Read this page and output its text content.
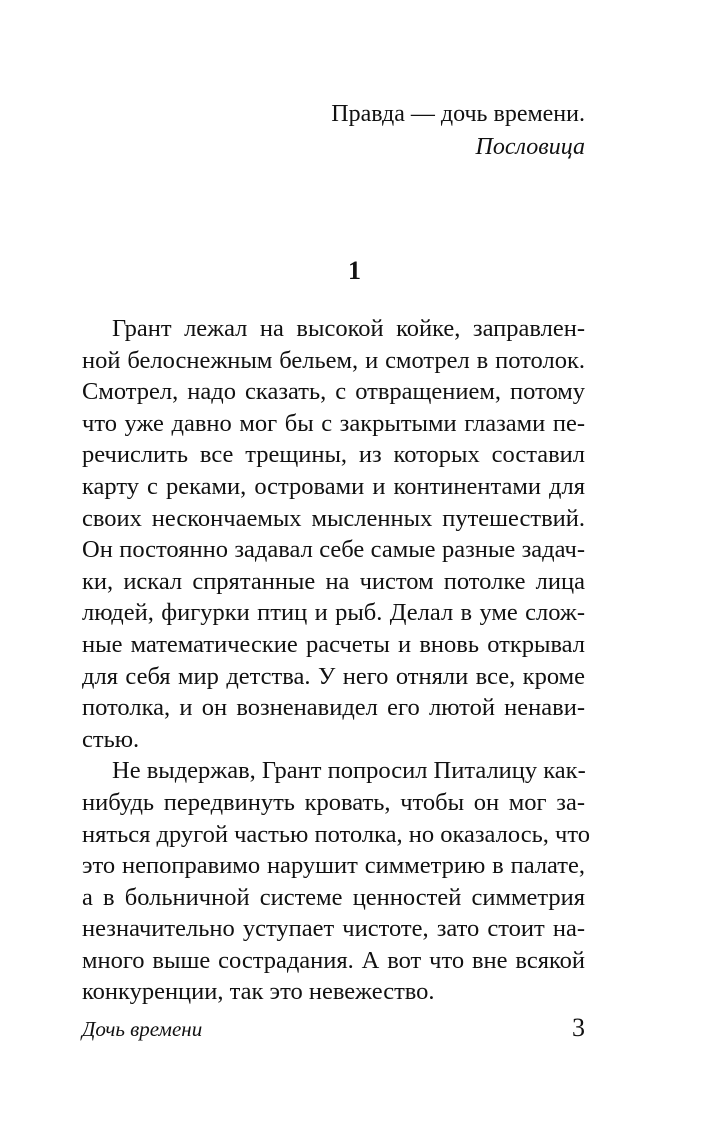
Правда — дочь времени.
Пословица
1
Грант лежал на высокой койке, заправлен-
ной белоснежным бельем, и смотрел в потолок.
Смотрел, надо сказать, с отвращением, потому
что уже давно мог бы с закрытыми глазами пе-
речислить все трещины, из которых составил
карту с реками, островами и континентами для
своих нескончаемых мысленных путешествий.
Он постоянно задавал себе самые разные задач-
ки, искал спрятанные на чистом потолке лица
людей, фигурки птиц и рыб. Делал в уме слож-
ные математические расчеты и вновь открывал
для себя мир детства. У него отняли все, кроме
потолка, и он возненавидел его лютой ненави-
стью.
Не выдержав, Грант попросил Питалицу как-
нибудь передвинуть кровать, чтобы он мог за-
няться другой частью потолка, но оказалось, что
это непоправимо нарушит симметрию в палате,
а в больничной системе ценностей симметрия
незначительно уступает чистоте, зато стоит на-
много выше сострадания. А вот что вне всякой
конкуренции, так это невежество.
Дочь времени	3
